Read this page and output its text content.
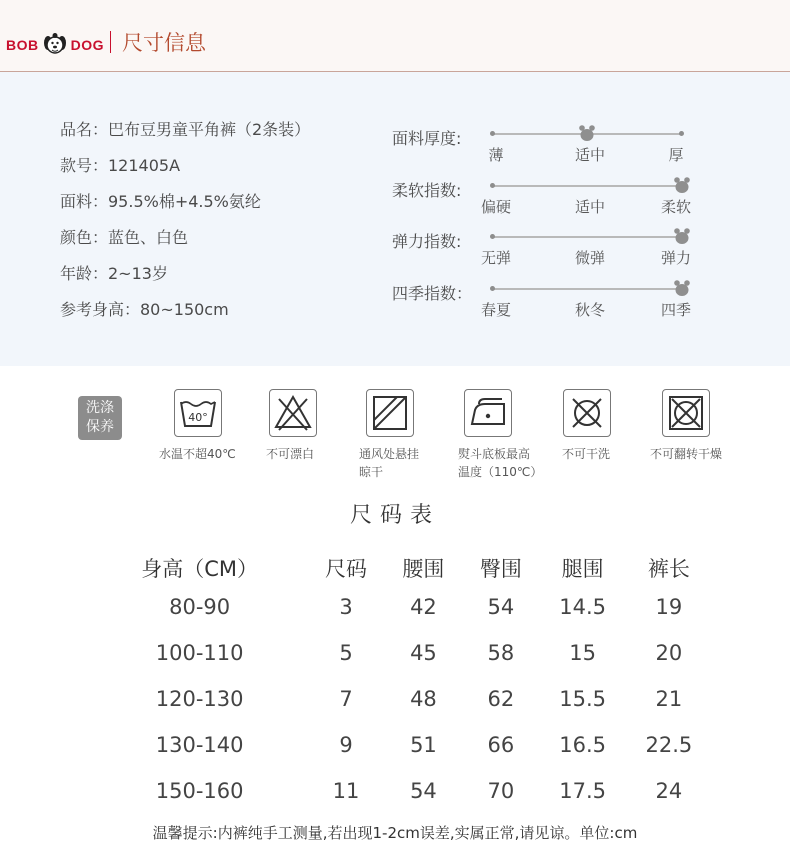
BOB DOG 尺寸信息
品名：巴布豆男童平角裤（2条装）
款号：121405A
面料：95.5%棉+4.5%氨纶
颜色：蓝色、白色
年龄：2~13岁
参考身高：80~150cm
面料厚度:
薄	适中	厚
柔软指数:
偏硬	适中	柔软
弹力指数:
无弹	微弹	弹力
四季指数：
春夏	秋冬	四季
洗涤
保养
40°
水温不超40℃	不可漂白	通风处悬挂
晾干
熨斗底板最高
温度（110℃）
不可干洗	不可翻转干燥
尺码表
身高（CM）	尺码	腰围	臀围	腿围	裤长
80-90	3	42	54	14.5	19
100-110	5	45	58	15	20
120-130	7	48	62	15.5	21
130-140	9	51	66	16.5	22.5
150-160	11	54	70	17.5	24
温馨提示:内裤纯手工测量,若出现1-2cm误差,实属正常,请见谅。单位:cm
